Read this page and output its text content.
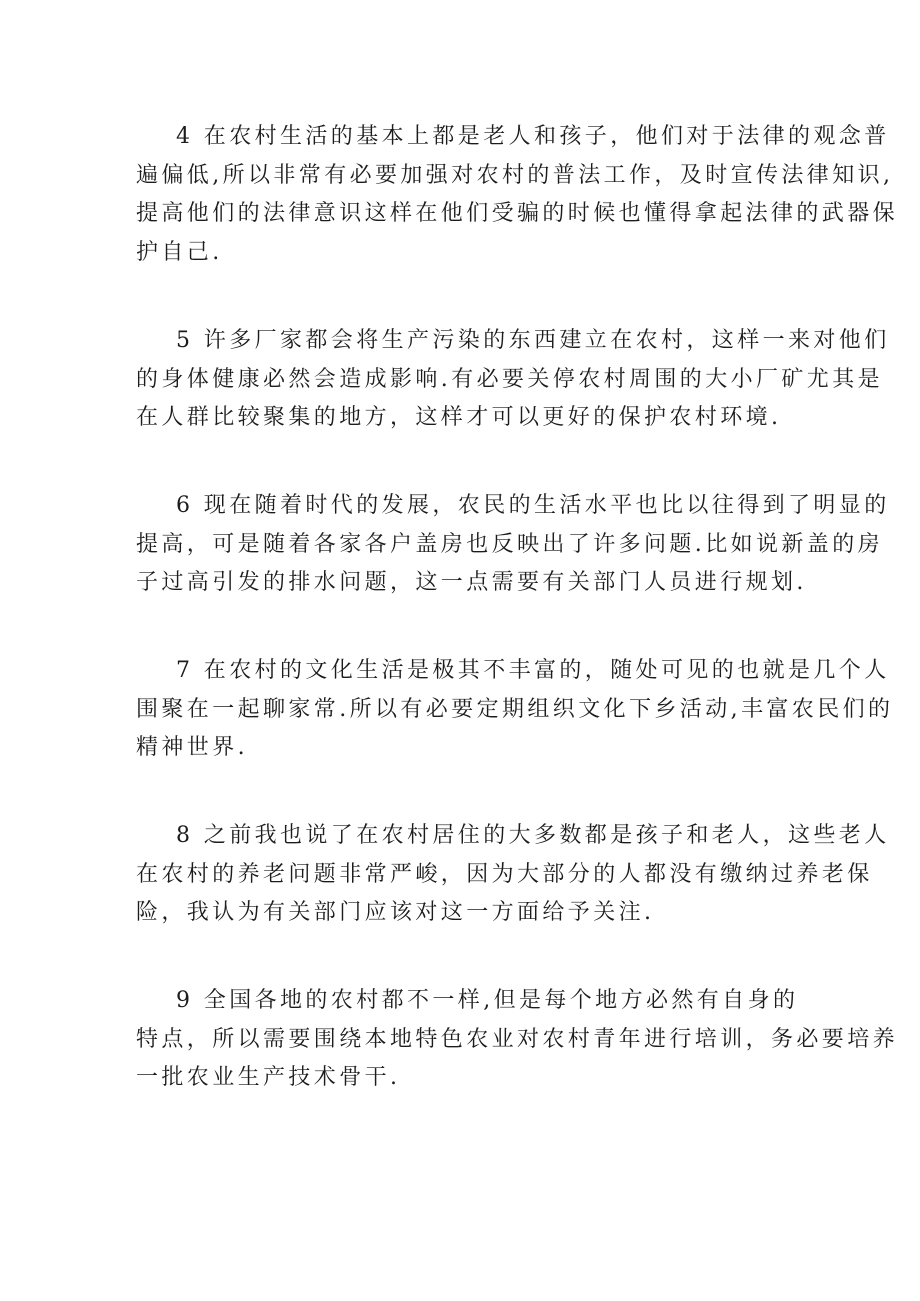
4 在农村生活的基本上都是老人和孩子，他们对于法律的观念普
遍偏低,所以非常有必要加强对农村的普法工作，及时宣传法律知识,
提高他们的法律意识这样在他们受骗的时候也懂得拿起法律的武器保
护自己.
5 许多厂家都会将生产污染的东西建立在农村，这样一来对他们
的身体健康必然会造成影响.有必要关停农村周围的大小厂矿尤其是
在人群比较聚集的地方，这样才可以更好的保护农村环境.
6 现在随着时代的发展，农民的生活水平也比以往得到了明显的
提高，可是随着各家各户盖房也反映出了许多问题.比如说新盖的房
子过高引发的排水问题，这一点需要有关部门人员进行规划.
7 在农村的文化生活是极其不丰富的，随处可见的也就是几个人
围聚在一起聊家常.所以有必要定期组织文化下乡活动,丰富农民们的
精神世界.
8 之前我也说了在农村居住的大多数都是孩子和老人，这些老人
在农村的养老问题非常严峻，因为大部分的人都没有缴纳过养老保
险，我认为有关部门应该对这一方面给予关注.
9 全国各地的农村都不一样,但是每个地方必然有自身的
特点，所以需要围绕本地特色农业对农村青年进行培训，务必要培养
一批农业生产技术骨干.
